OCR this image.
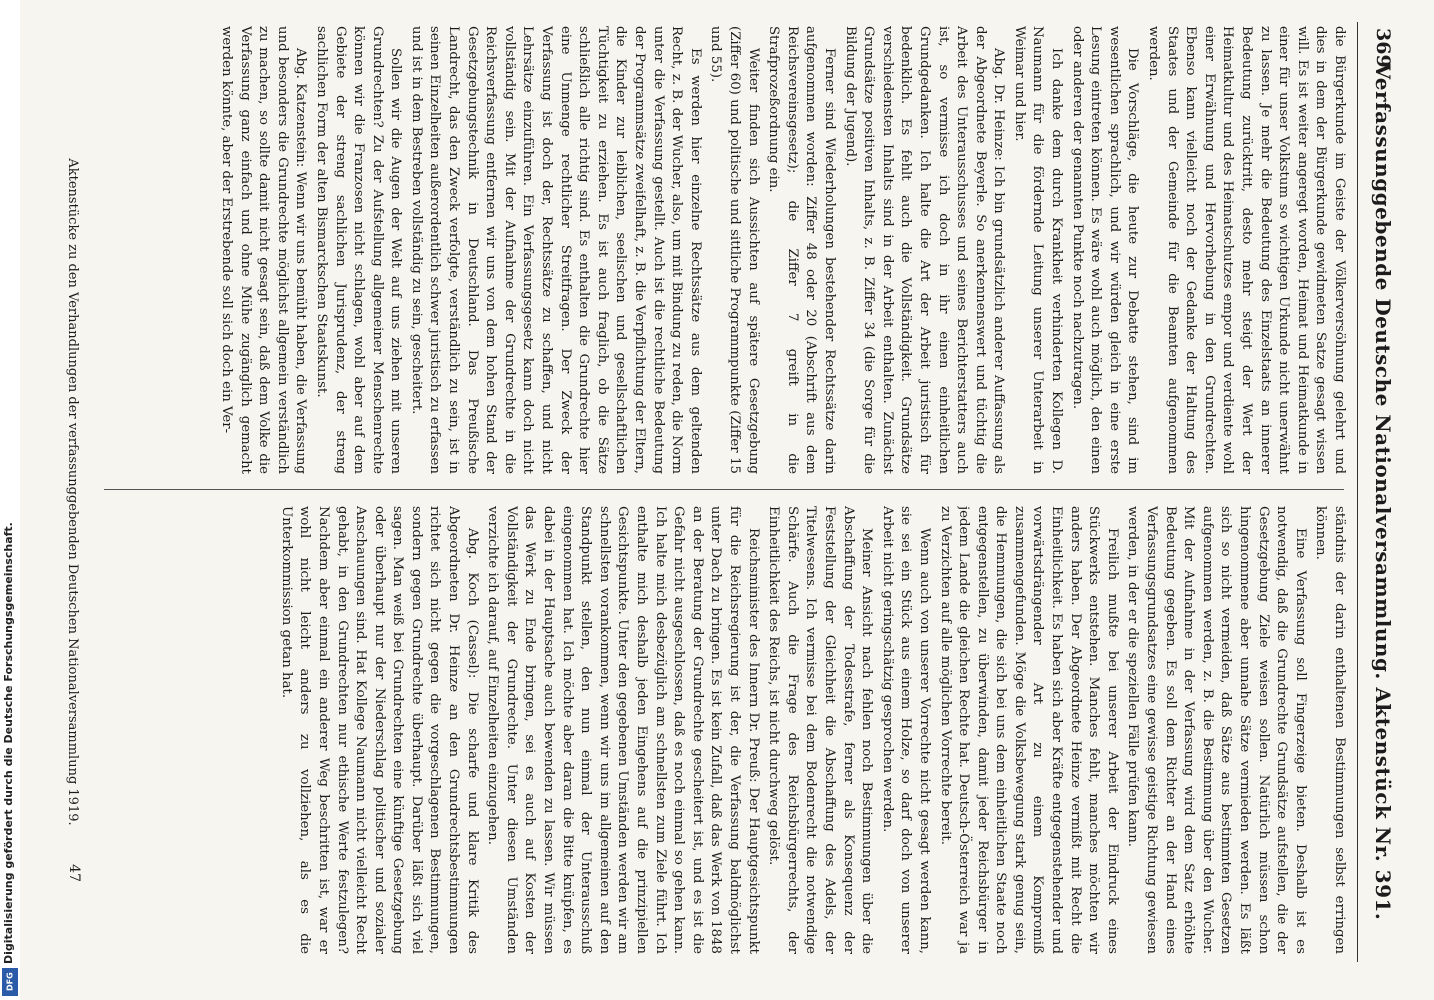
369
Verfassunggebende Deutsche Nationalversammlung. Aktenstück Nr. 391.

die Bürgerkunde im Geiste der Völkerversöhnung gelehrt und dies in dem der Bürgerkunde gewidmeten Satze gesagt wissen will. Es ist weiter angeregt worden, Heimat und Heimatkunde in einer für unser Volkstum so wichtigen Urkunde nicht unerwähnt zu lassen. Je mehr die Bedeutung des Einzelstaats an innerer Bedeutung zurücktritt, desto mehr steigt der Wert der Heimatkultur und des Heimatschutzes empor und verdiente wohl einer Erwähnung und Hervorhebung in den Grundrechten. Ebenso kann vielleicht noch der Gedanke der Haltung des Staates und der Gemeinde für die Beamten aufgenommen werden.

Die Vorschläge, die heute zur Debatte stehen, sind im wesentlichen sprachlich, und wir würden gleich in eine erste Lesung eintreten können. Es wäre wohl auch möglich, den einen oder anderen der genannten Punkte noch nachzutragen.

Ich danke dem durch Krankheit verhinderten Kollegen D. Naumann für die fördernde Leitung unserer Unterarbeit in Weimar und hier.

Abg. Dr. Heinze: Ich bin grundsätzlich anderer Auffassung als der Abgeordnete Beyerle. So anerkennenswert und tüchtig die Arbeit des Unterausschusses und seines Berichterstatters auch ist, so vermisse ich doch in ihr einen einheitlichen Grundgedanken. Ich halte die Art der Arbeit juristisch für bedenklich. Es fehlt auch die Vollständigkeit. Grundsätze verschiedensten Inhalts sind in der Arbeit enthalten. Zunächst Grundsätze positiven Inhalts, z. B. Ziffer 34 (die Sorge für die Bildung der Jugend).

Ferner sind Wiederholungen bestehender Rechtssätze darin aufgenommen worden: Ziffer 48 oder 20 (Abschrift aus dem Reichsvereinsgesetz); die Ziffer 7 greift in die Strafprozeßordnung ein.

Weiter finden sich Aussichten auf spätere Gesetzgebung (Ziffer 60) und politische und sittliche Programmpunkte (Ziffer 15 und 55).

Es werden hier einzelne Rechtssätze aus dem geltenden Recht, z. B. der Wucher, also, um mit Bindung zu reden, die Norm unter die Verfassung gestellt. Auch ist die rechtliche Bedeutung der Programmsätze zweifelhaft, z. B. die Verpflichtung der Eltern, die Kinder zur leiblichen, seelischen und gesellschaftlichen Tüchtigkeit zu erziehen. Es ist auch fraglich, ob die Sätze schließlich alle richtig sind. Es enthalten die Grundrechte hier eine Unmenge rechtlicher Streitfragen. Der Zweck der Verfassung ist doch der, Rechtssätze zu schaffen, und nicht Lehrsätze einzuführen. Ein Verfassungsgesetz kann doch nicht vollständig sein. Mit der Aufnahme der Grundrechte in die Reichsverfassung entfernen wir uns von dem hohen Stand der Gesetzgebungstechnik in Deutschland. Das Preußische Landrecht, das den Zweck verfolgte, verständlich zu sein, ist in seinen Einzelheiten außerordentlich schwer juristisch zu erfassen und ist in dem Bestreben vollständig zu sein, gescheitert.

Sollen wir die Augen der Welt auf uns ziehen mit unseren Grundrechten? Zu der Aufstellung allgemeiner Menschenrechte können wir die Franzosen nicht schlagen, wohl aber auf dem Gebiete der streng sachlichen Jurisprudenz, der streng sachlichen Form der alten Bismarckschen Staatskunst.

Abg. Katzenstein: Wenn wir uns bemüht haben, die Verfassung und besonders die Grundrechte möglichst allgemein verständlich zu machen, so sollte damit nicht gesagt sein, daß dem Volke die Verfassung ganz einfach und ohne Mühe zugänglich gemacht werden könnte, aber der Erstrebende soll sich doch ein Ver-

ständnis der darin enthaltenen Bestimmungen selbst erringen können.

Eine Verfassung soll Fingerzeige bieten. Deshalb ist es notwendig, daß die Grundrechte Grundsätze aufstellen, die der Gesetzgebung Ziele weisen sollen. Natürlich müssen schon hingenommene aber unnahe Sätze vermieden werden. Es läßt sich so nicht vermeiden, daß Sätze aus bestimmten Gesetzen aufgenommen werden, z. B. die Bestimmung über den Wucher. Mit der Aufnahme in der Verfassung wird dem Satz erhöhte Bedeutung gegeben. Es soll dem Richter an der Hand eines Verfassungsgrundsatzes eine gewisse geistige Richtung gewiesen werden, in der er die speziellen Fälle prüfen kann.

Freilich mußte bei unserer Arbeit der Eindruck eines Stückwerks entstehen. Manches fehlt, manches möchten wir anders haben. Der Abgeordnete Heinze vermißt mit Recht die Einheitlichkeit. Es haben sich aber Kräfte entgegenstehender und vorwärtsdrängender Art zu einem Kompromiß zusammengefunden. Möge die Volksbewegung stark genug sein, die Hemmungen, die sich bei uns dem einheitlichen Staate noch entgegenstellen, zu überwinden, damit jeder Reichsbürger in jedem Lande die gleichen Rechte hat. Deutsch-Österreich war ja zu Verzichten auf alle möglichen Vorrechte bereit.

Wenn auch von unserer Vorrechte nicht gesagt werden kann, sie sei ein Stück aus einem Holze, so darf doch von unserer Arbeit nicht geringschätzig gesprochen werden.

Meiner Ansicht nach fehlen noch Bestimmungen über die Abschaffung der Todesstrafe, ferner als Konsequenz der Feststellung der Gleichheit die Abschaffung des Adels, der Titelwesens. Ich vermisse bei dem Bodenrecht die notwendige Schärfe. Auch die Frage des Reichsbürgerrechts, der Einheitlichkeit des Reichs, ist nicht durchweg gelöst.

Reichsminister des Innern Dr. Preuß: Der Hauptgesichtspunkt für die Reichsregierung ist der, die Verfassung baldmöglichst unter Dach zu bringen. Es ist kein Zufall, daß das Werk von 1848 an der Beratung der Grundrechte gescheitert ist, und es ist die Gefahr nicht ausgeschlossen, daß es noch einmal so gehen kann. Ich halte mich desbezüglich am schnellsten zum Ziele führt. Ich enthalte mich deshalb jeden Eingehens auf die prinzipiellen Gesichtspunkte. Unter den gegebenen Umständen werden wir am schnellsten vorankommen, wenn wir uns im allgemeinen auf den Standpunkt stellen, den nun einmal der Unterausschuß eingenommen hat. Ich möchte aber daran die Bitte knüpfen, es dabei in der Hauptsache auch bewenden zu lassen. Wir müssen das Werk zu Ende bringen, sei es auch auf Kosten der Vollständigkeit der Grundrechte. Unter diesen Umständen verzichte ich darauf, auf Einzelheiten einzugehen.

Abg. Koch (Cassel): Die scharfe und klare Kritik des Abgeordneten Dr. Heinze an den Grundrechtsbestimmungen richtet sich nicht gegen die vorgeschlagenen Bestimmungen, sondern gegen Grundrechte überhaupt. Darüber läßt sich viel sagen. Man weiß bei Grundrechten eine künftige Gesetzgebung oder überhaupt nur der Niederschlag politischer und sozialer Anschauungen sind. Hat Kollege Naumann nicht vielleicht Recht gehabt, in den Grundrechten nur ethische Werte festzulegen? Nachdem aber einmal ein anderer Weg beschritten ist, war er wohl nicht leicht anders zu vollziehen, als es die Unterkommission getan hat.

Aktenstücke zu den Verhandlungen der verfassunggebenden Deutschen Nationalversammlung 1919.
47
Digitalisierung gefördert durch die Deutsche Forschungsgemeinschaft.
DFG
